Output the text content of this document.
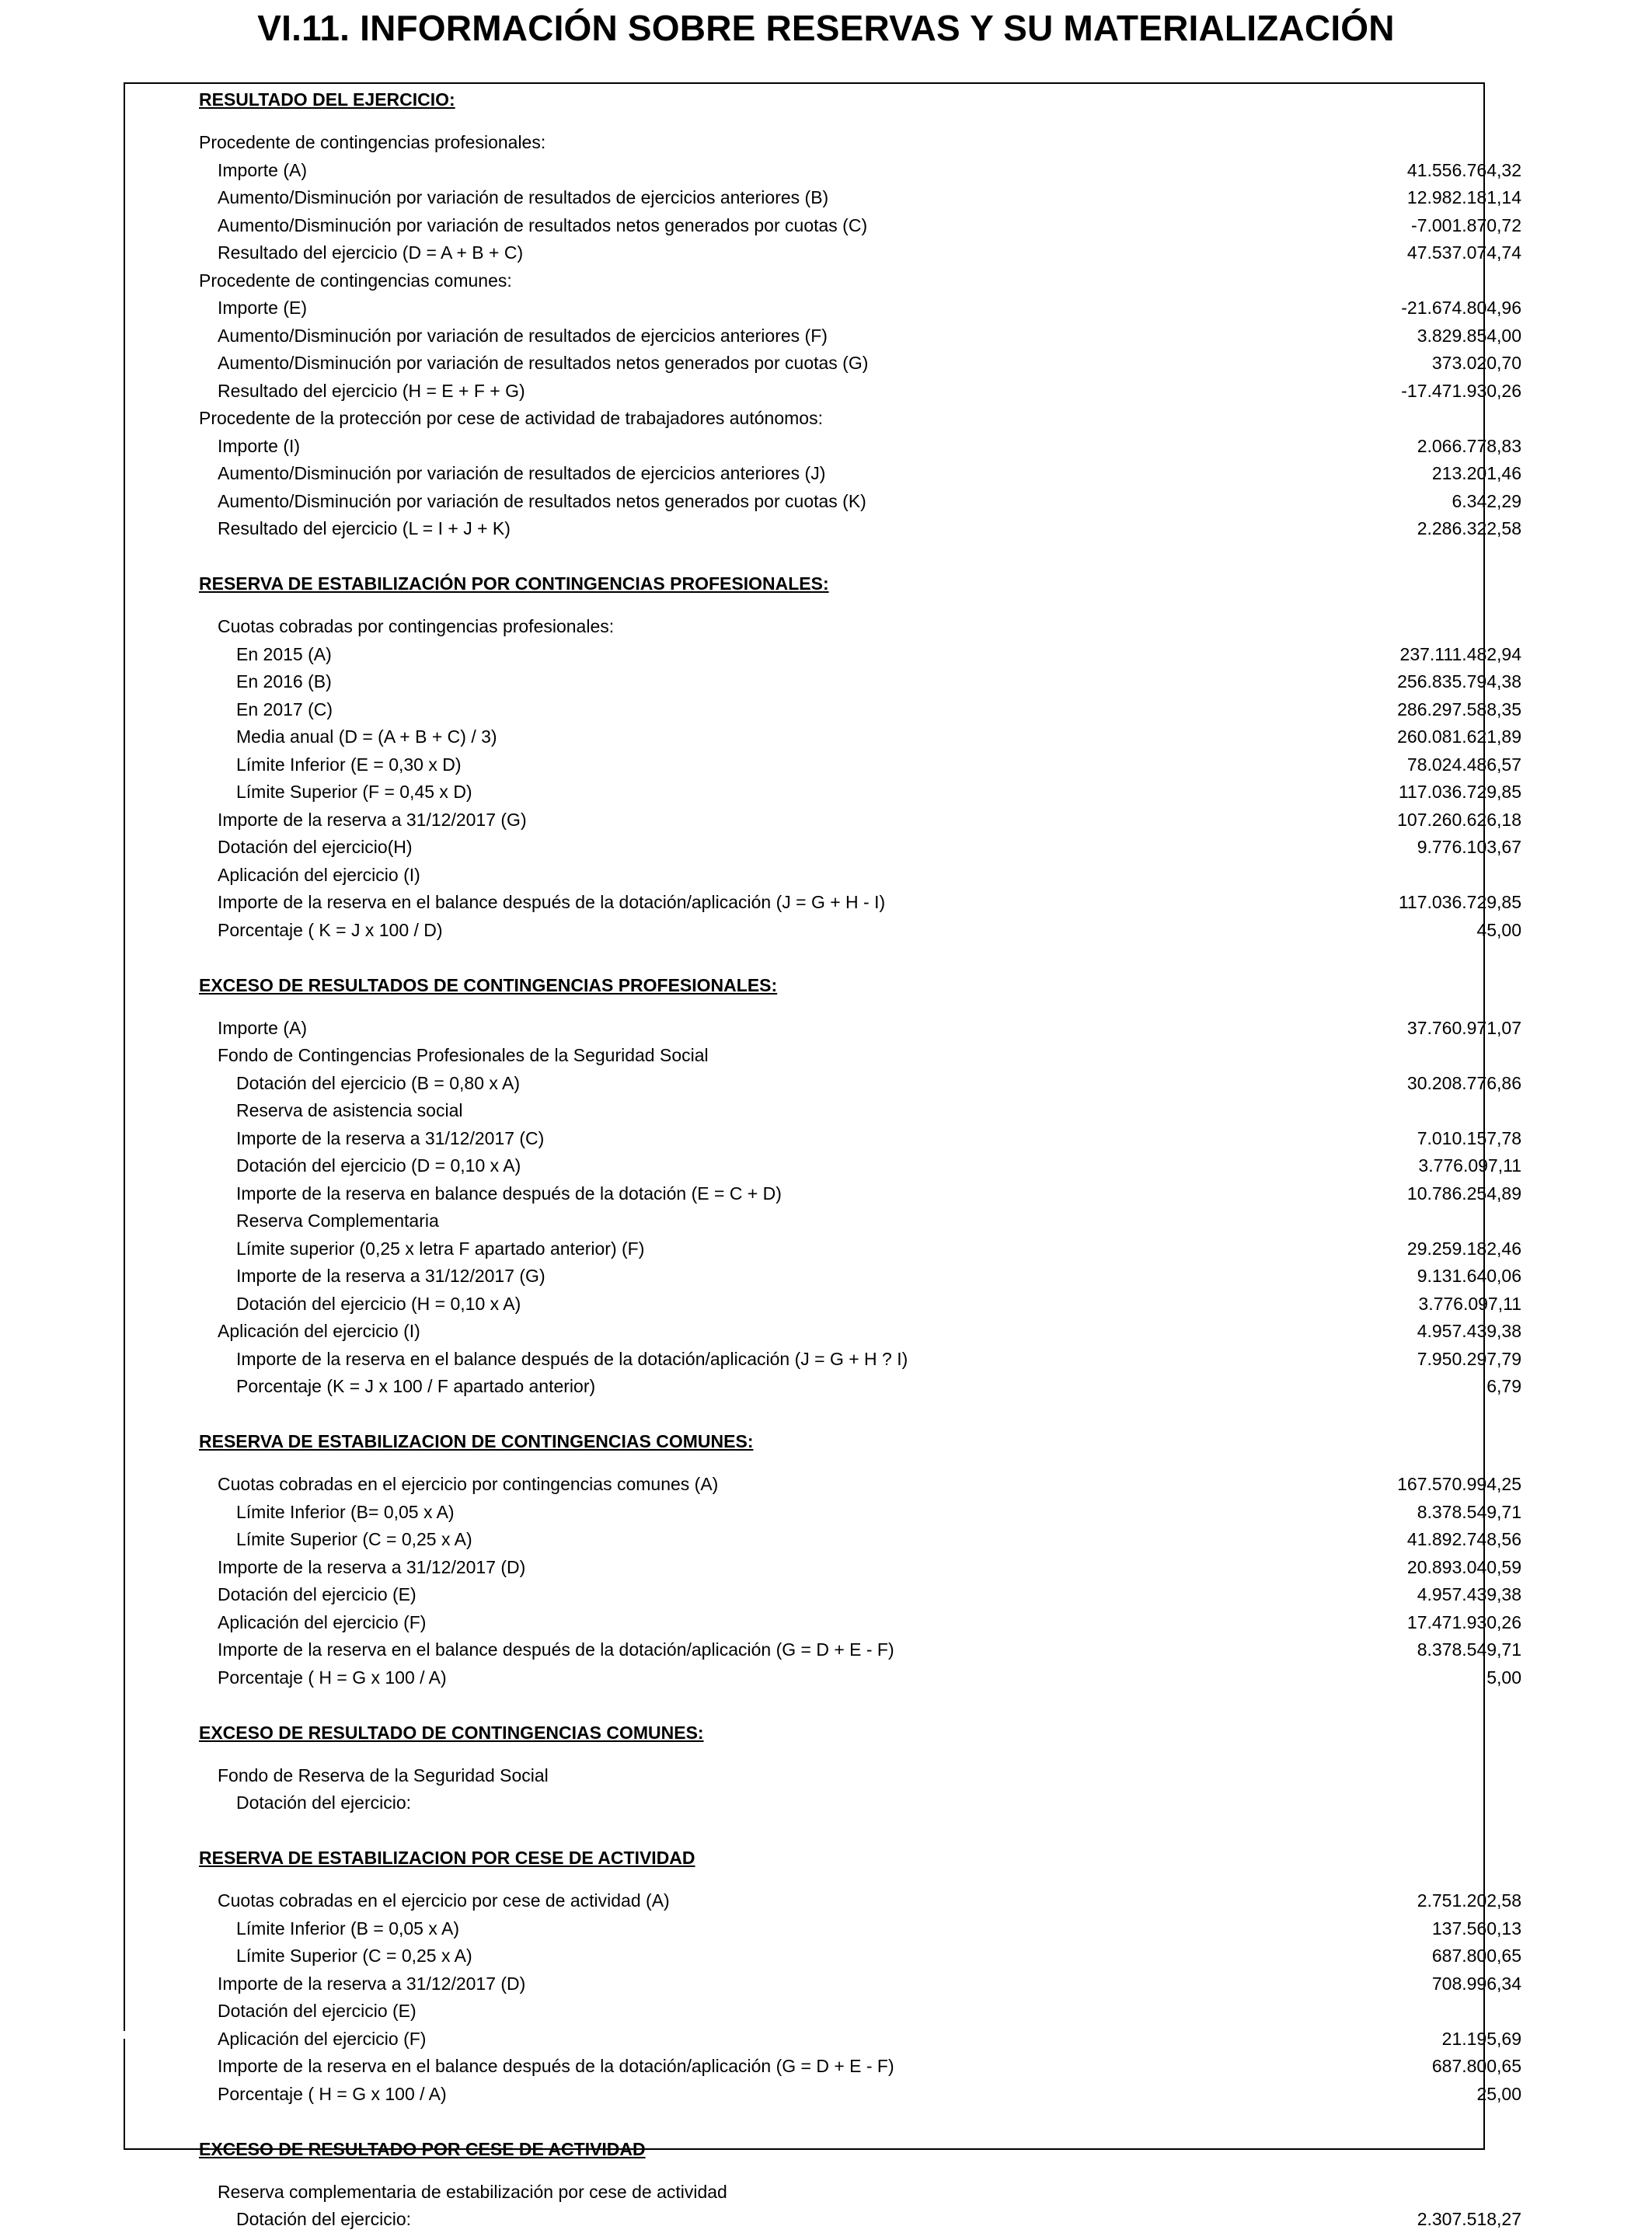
VI.11. INFORMACIÓN SOBRE RESERVAS Y SU MATERIALIZACIÓN
RESULTADO DEL EJERCICIO:
Procedente de contingencias profesionales:
Importe (A)	41.556.764,32
Aumento/Disminución por variación de resultados de ejercicios anteriores (B)	12.982.181,14
Aumento/Disminución por variación de resultados netos generados por cuotas (C)	-7.001.870,72
Resultado del ejercicio (D = A + B + C)	47.537.074,74
Procedente de contingencias comunes:
Importe (E)	-21.674.804,96
Aumento/Disminución por variación de resultados de ejercicios anteriores (F)	3.829.854,00
Aumento/Disminución por variación de resultados netos generados por cuotas (G)	373.020,70
Resultado del ejercicio (H = E + F + G)	-17.471.930,26
Procedente de la protección por cese de actividad de trabajadores autónomos:
Importe (I)	2.066.778,83
Aumento/Disminución por variación de resultados de ejercicios anteriores (J)	213.201,46
Aumento/Disminución por variación de resultados netos generados por cuotas (K)	6.342,29
Resultado del ejercicio (L = I + J + K)	2.286.322,58
RESERVA DE ESTABILIZACIÓN POR CONTINGENCIAS PROFESIONALES:
Cuotas cobradas por contingencias profesionales:
En 2015 (A)	237.111.482,94
En 2016 (B)	256.835.794,38
En 2017 (C)	286.297.588,35
Media anual (D = (A + B + C) / 3)	260.081.621,89
Límite Inferior (E = 0,30 x D)	78.024.486,57
Límite Superior (F = 0,45 x D)	117.036.729,85
Importe de la reserva a 31/12/2017 (G)	107.260.626,18
Dotación del ejercicio(H)	9.776.103,67
Aplicación del ejercicio (I)
Importe de la reserva en el balance después de la dotación/aplicación (J = G + H - I)	117.036.729,85
Porcentaje ( K = J x 100 / D)	45,00
EXCESO DE RESULTADOS DE CONTINGENCIAS PROFESIONALES:
Importe (A)	37.760.971,07
Fondo de Contingencias Profesionales de la Seguridad Social
Dotación del ejercicio (B = 0,80 x A)	30.208.776,86
Reserva de asistencia social
Importe de la reserva a 31/12/2017 (C)	7.010.157,78
Dotación del ejercicio (D = 0,10 x A)	3.776.097,11
Importe de la reserva en balance después de la dotación (E = C + D)	10.786.254,89
Reserva Complementaria
Límite superior (0,25 x letra F apartado anterior) (F)	29.259.182,46
Importe de la reserva a 31/12/2017 (G)	9.131.640,06
Dotación del ejercicio (H = 0,10 x A)	3.776.097,11
Aplicación del ejercicio (I)	4.957.439,38
Importe de la reserva en el balance después de la dotación/aplicación (J = G + H ? I)	7.950.297,79
Porcentaje (K = J x 100 / F apartado anterior)	6,79
RESERVA DE ESTABILIZACION DE CONTINGENCIAS COMUNES:
Cuotas cobradas en el ejercicio por contingencias comunes (A)	167.570.994,25
Límite Inferior (B= 0,05 x A)	8.378.549,71
Límite Superior (C = 0,25 x A)	41.892.748,56
Importe de la reserva a 31/12/2017 (D)	20.893.040,59
Dotación del ejercicio (E)	4.957.439,38
Aplicación del ejercicio (F)	17.471.930,26
Importe de la reserva en el balance después de la dotación/aplicación (G = D + E - F)	8.378.549,71
Porcentaje ( H = G x 100 / A)	5,00
EXCESO DE RESULTADO DE CONTINGENCIAS COMUNES:
Fondo de Reserva de la Seguridad Social
Dotación del ejercicio:
RESERVA DE ESTABILIZACION POR CESE DE ACTIVIDAD
Cuotas cobradas en el ejercicio por cese de actividad (A)	2.751.202,58
Límite Inferior (B = 0,05 x A)	137.560,13
Límite Superior (C = 0,25 x A)	687.800,65
Importe de la reserva a 31/12/2017 (D)	708.996,34
Dotación del ejercicio (E)
Aplicación del ejercicio (F)	21.195,69
Importe de la reserva en el balance después de la dotación/aplicación (G = D + E - F)	687.800,65
Porcentaje ( H = G x 100 / A)	25,00
EXCESO DE RESULTADO POR CESE DE ACTIVIDAD
Reserva complementaria de estabilización por cese de actividad
Dotación del ejercicio:	2.307.518,27
